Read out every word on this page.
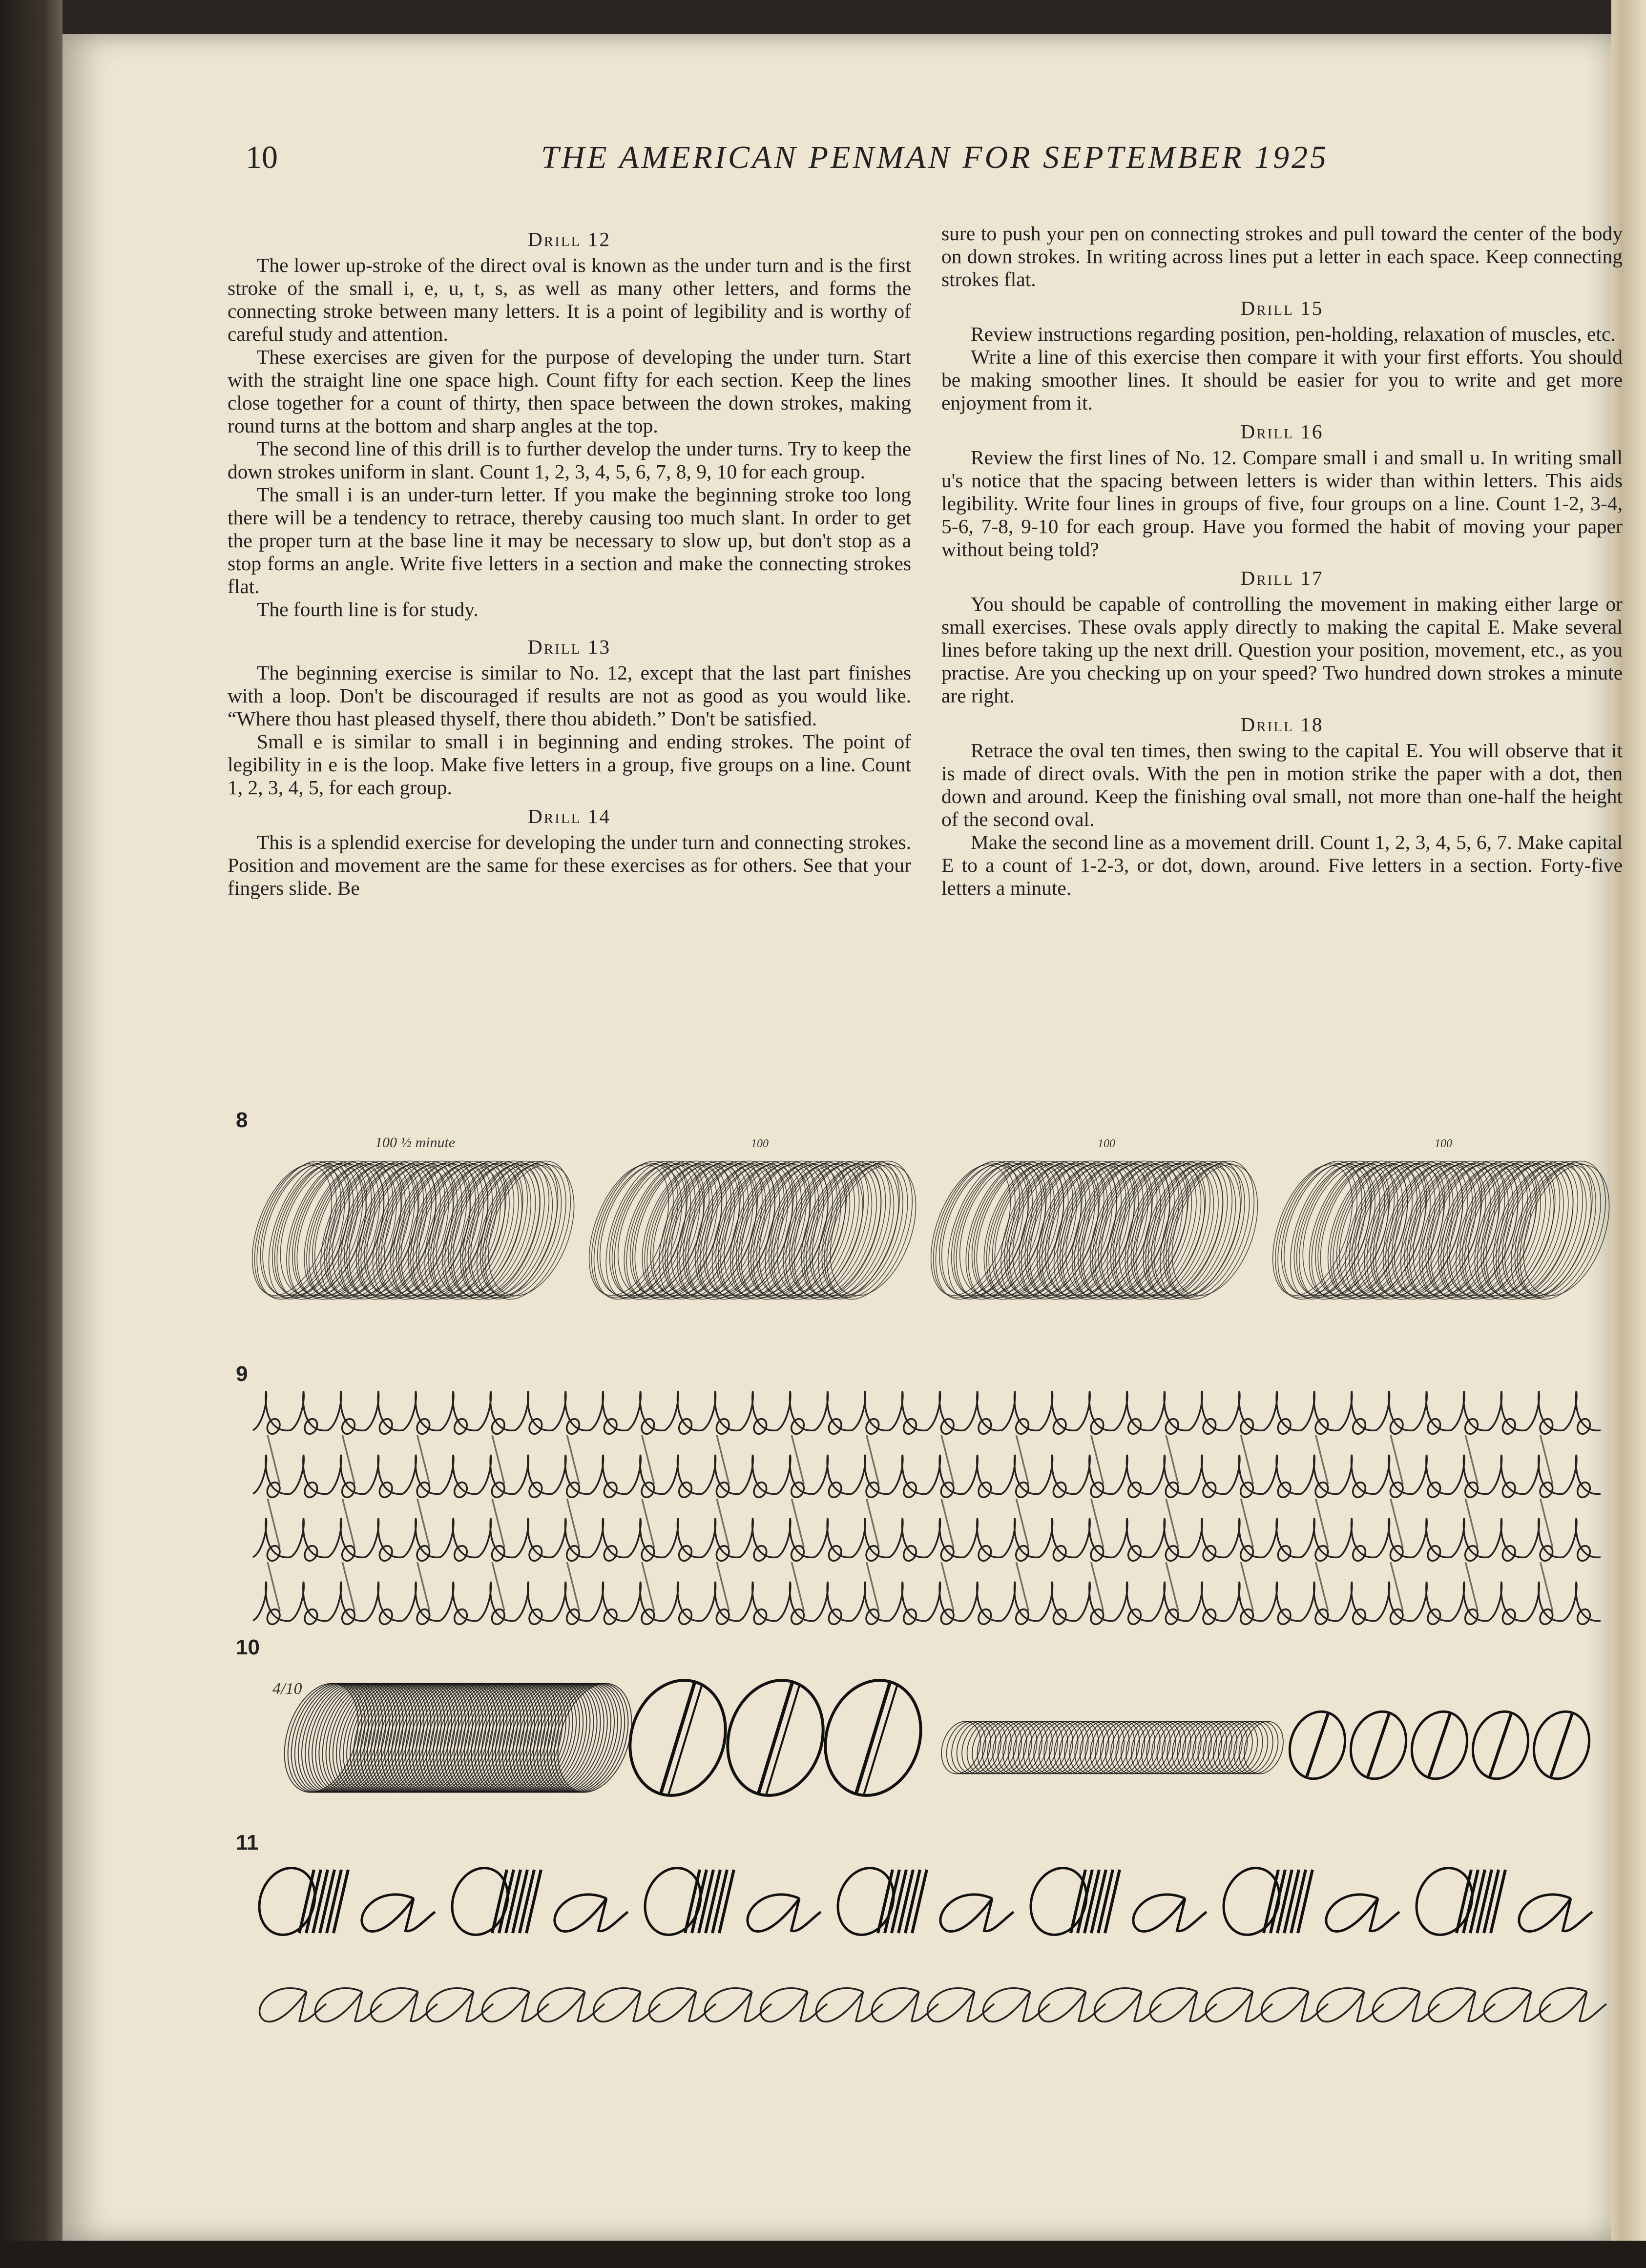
10	THE AMERICAN PENMAN FOR SEPTEMBER 1925
Drill 12

The lower up-stroke of the direct oval is known as the under turn and is the first stroke of the small i, e, u, t, s, as well as many other letters, and forms the connecting stroke between many letters. It is a point of legibility and is worthy of careful study and attention.

These exercises are given for the purpose of developing the under turn. Start with the straight line one space high. Count fifty for each section. Keep the lines close together for a count of thirty, then space between the down strokes, making round turns at the bottom and sharp angles at the top.

The second line of this drill is to further develop the under turns. Try to keep the down strokes uniform in slant. Count 1, 2, 3, 4, 5, 6, 7, 8, 9, 10 for each group.

The small i is an under-turn letter. If you make the beginning stroke too long there will be a tendency to retrace, thereby causing too much slant. In order to get the proper turn at the base line it may be necessary to slow up, but don't stop as a stop forms an angle. Write five letters in a section and make the connecting strokes flat.

The fourth line is for study.

Drill 13

The beginning exercise is similar to No. 12, except that the last part finishes with a loop. Don't be discouraged if results are not as good as you would like. “Where thou hast pleased thyself, there thou abideth.” Don't be satisfied.

Small e is similar to small i in beginning and ending strokes. The point of legibility in e is the loop. Make five letters in a group, five groups on a line. Count 1, 2, 3, 4, 5, for each group.

Drill 14

This is a splendid exercise for developing the under turn and connecting strokes. Position and movement are the same for these exercises as for others. See that your fingers slide. Be

sure to push your pen on connecting strokes and pull toward the center of the body on down strokes. In writing across lines put a letter in each space. Keep connecting strokes flat.

Drill 15

Review instructions regarding position, pen-holding, relaxation of muscles, etc.

Write a line of this exercise then compare it with your first efforts. You should be making smoother lines. It should be easier for you to write and get more enjoyment from it.

Drill 16

Review the first lines of No. 12. Compare small i and small u. In writing small u's notice that the spacing between letters is wider than within letters. This aids legibility. Write four lines in groups of five, four groups on a line. Count 1-2, 3-4, 5-6, 7-8, 9-10 for each group. Have you formed the habit of moving your paper without being told?

Drill 17

You should be capable of controlling the movement in making either large or small exercises. These ovals apply directly to making the capital E. Make several lines before taking up the next drill. Question your position, movement, etc., as you practise. Are you checking up on your speed? Two hundred down strokes a minute are right.

Drill 18

Retrace the oval ten times, then swing to the capital E. You will observe that it is made of direct ovals. With the pen in motion strike the paper with a dot, then down and around. Keep the finishing oval small, not more than one-half the height of the second oval.

Make the second line as a movement drill. Count 1, 2, 3, 4, 5, 6, 7. Make capital E to a count of 1-2-3, or dot, down, around. Five letters in a section. Forty-five letters a minute.

8
100 ½ minute	100	100	100
9
10
4/10
11
